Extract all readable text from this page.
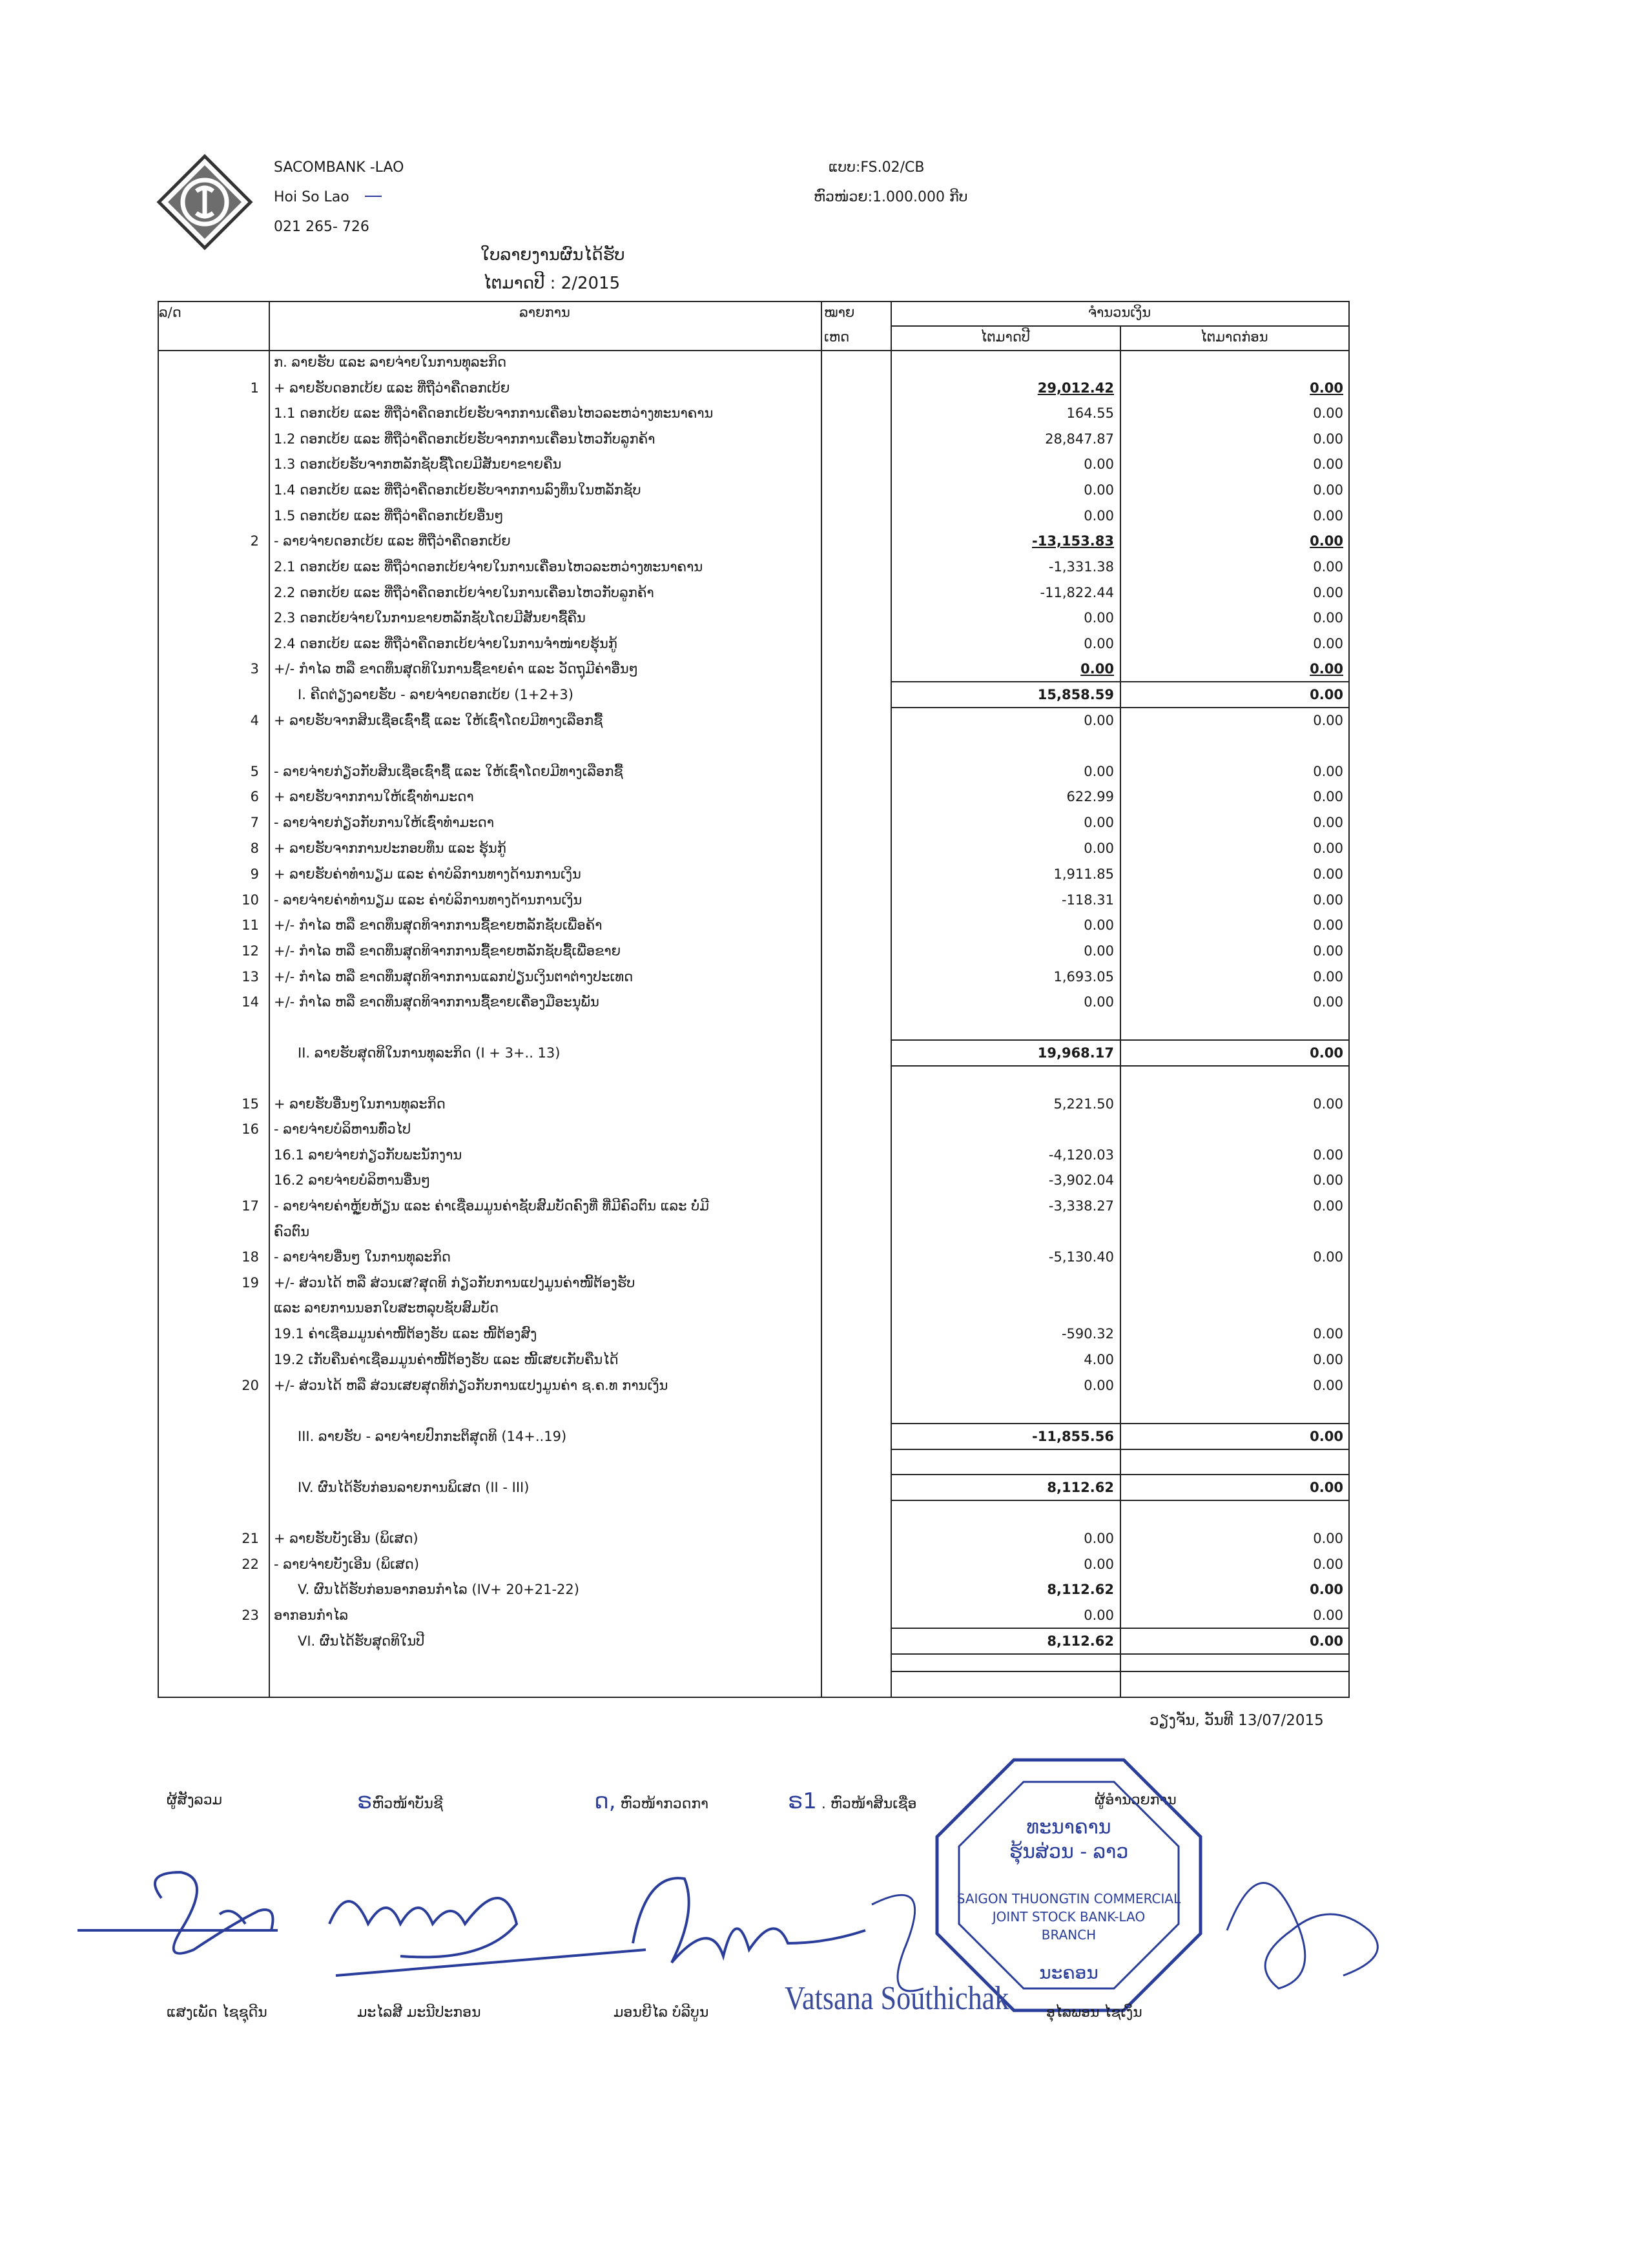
SACOMBANK -LAO
Hoi So Lao
021 265- 726
ແບບ:FS.02/CB
ຫົວໜ່ວຍ:1.000.000 ກີບ
ໃບລາຍງານຜົນໄດ້ຮັບ
ໄຕມາດປີ : 2/2015
ລ/ດ	ລາຍການ	ໝາຍ
ເຫດ
ຈຳນວນເງິນ
ໄຕມາດປີ	ໄຕມາດກ່ອນ
ກ. ລາຍຮັບ ແລະ ລາຍຈ່າຍໃນການທຸລະກິດ
1 + ລາຍຮັບດອກເບ້ຍ ແລະ ທີ່ຖືວ່າຄືດອກເບ້ຍ	29,012.42	0.00
1.1 ດອກເບ້ຍ ແລະ ທີ່ຖືວ່າຄືດອກເບ້ຍຮັບຈາກການເຄື່ອນໄຫວລະຫວ່າງທະນາຄານ	164.55	0.00
1.2 ດອກເບ້ຍ ແລະ ທີ່ຖືວ່າຄືດອກເບ້ຍຮັບຈາກການເຄື່ອນໄຫວກັບລູກຄ້າ	28,847.87	0.00
1.3 ດອກເບ້ຍຮັບຈາກຫລັກຊັບຊື້ໂດຍມີສັນຍາຂາຍຄືນ	0.00	0.00
1.4 ດອກເບ້ຍ ແລະ ທີ່ຖືວ່າຄືດອກເບ້ຍຮັບຈາກການລົງທຶນໃນຫລັກຊັບ	0.00	0.00
1.5 ດອກເບ້ຍ ແລະ ທີ່ຖືວ່າຄືດອກເບ້ຍອື່ນໆ	0.00	0.00
2 - ລາຍຈ່າຍດອກເບ້ຍ ແລະ ທີ່ຖືວ່າຄືດອກເບ້ຍ	-13,153.83	0.00
2.1 ດອກເບ້ຍ ແລະ ທີ່ຖືວ່າດອກເບ້ຍຈ່າຍໃນການເຄື່ອນໄຫວລະຫວ່າງທະນາຄານ	-1,331.38	0.00
2.2 ດອກເບ້ຍ ແລະ ທີ່ຖືວ່າຄືດອກເບ້ຍຈ່າຍໃນການເຄື່ອນໄຫວກັບລູກຄ້າ	-11,822.44	0.00
2.3 ດອກເບ້ຍຈ່າຍໃນການຂາຍຫລັກຊັບໂດຍມີສັນຍາຊື້ຄືນ	0.00	0.00
2.4 ດອກເບ້ຍ ແລະ ທີ່ຖືວ່າຄືດອກເບ້ຍຈ່າຍໃນການຈຳໜ່າຍຮຸ້ນກູ້	0.00	0.00
3 +/- ກຳໄລ ຫລື ຂາດທຶນສຸດທິໃນການຊື້ຂາຍຄຳ ແລະ ວັດຖຸມີຄ່າອື່ນໆ	0.00	0.00
I. ຄີດຕ່ຽງລາຍຮັບ - ລາຍຈ່າຍດອກເບ້ຍ (1+2+3)	15,858.59	0.00
4 + ລາຍຮັບຈາກສິນເຊື່ອເຊົ່າຊື້ ແລະ ໃຫ້ເຊົ່າໂດຍມີທາງເລືອກຊື້	0.00	0.00
5 - ລາຍຈ່າຍກ່ຽວກັບສິນເຊື່ອເຊົ່າຊື້ ແລະ ໃຫ້ເຊົ່າໂດຍມີທາງເລືອກຊື້	0.00	0.00
6 + ລາຍຮັບຈາກການໃຫ້ເຊົ່າທຳມະດາ	622.99	0.00
7 - ລາຍຈ່າຍກ່ຽວກັບການໃຫ້ເຊົ່າທຳມະດາ	0.00	0.00
8 + ລາຍຮັບຈາກການປະກອບທຶນ ແລະ ຮຸ້ນກູ້	0.00	0.00
9 + ລາຍຮັບຄ່າທຳນຽມ ແລະ ຄ່າບໍລິການທາງດ້ານການເງິນ	1,911.85	0.00
10 - ລາຍຈ່າຍຄ່າທຳນຽມ ແລະ ຄ່າບໍລິການທາງດ້ານການເງິນ	-118.31	0.00
11 +/- ກຳໄລ ຫລື ຂາດທຶນສຸດທິຈາກການຊື້ຂາຍຫລັກຊັບເພື່ອຄ້າ	0.00	0.00
12 +/- ກຳໄລ ຫລື ຂາດທຶນສຸດທິຈາກການຊື້ຂາຍຫລັກຊັບຊື້ເພື່ອຂາຍ	0.00	0.00
13 +/- ກຳໄລ ຫລື ຂາດທຶນສຸດທິຈາກການແລກປ່ຽນເງິນຕາຕ່າງປະເທດ	1,693.05	0.00
14 +/- ກຳໄລ ຫລື ຂາດທຶນສຸດທິຈາກການຊື້ຂາຍເຄື່ອງມືອະນຸພັນ	0.00	0.00
II. ລາຍຮັບສຸດທິໃນການທຸລະກິດ (I + 3+.. 13)	19,968.17	0.00
15 + ລາຍຮັບອື່ນໆໃນການທຸລະກິດ	5,221.50	0.00
16 - ລາຍຈ່າຍບໍລິຫານທົ່ວໄປ
16.1 ລາຍຈ່າຍກ່ຽວກັບພະນັກງານ	-4,120.03	0.00
16.2 ລາຍຈ່າຍບໍລິຫານອື່ນໆ	-3,902.04	0.00
17 - ລາຍຈ່າຍຄ່າຫຼູ້ຍຫ້ຽນ ແລະ ຄ່າເຊື່ອມມູນຄ່າຊັບສົມບັດຄົງທີ່ ທີ່ມີຄົວຕົນ ແລະ ບໍ່ມີ	-3,338.27	0.00
ຄົວຕົນ
18 - ລາຍຈ່າຍອື່ນໆ ໃນການທຸລະກິດ	-5,130.40	0.00
19 +/- ສ່ວນໄດ້ ຫລື ສ່ວນເສ?ສຸດທິ ກ່ຽວກັບການແປງມູນຄ່າໜີ້ຕ້ອງຮັບ
ແລະ ລາຍການນອກໃບສະຫລຸບຊັບສົມບັດ
19.1 ຄ່າເຊື່ອມມູນຄ່າໜີ້ຕ້ອງຮັບ ແລະ ໜີ້ຕ້ອງສົງ	-590.32	0.00
19.2 ເກັບຄືນຄ່າເຊື່ອມມູນຄ່າໜີ້ຕ້ອງຮັບ ແລະ ໜີ້ເສຍເກັບຄືນໄດ້	4.00	0.00
20 +/- ສ່ວນໄດ້ ຫລື ສ່ວນເສຍສຸດທິກ່ຽວກັບການແປງມູນຄ່າ ຊ.ຄ.ທ ການເງິນ	0.00	0.00
III. ລາຍຮັບ - ລາຍຈ່າຍປົກກະຕິສຸດທິ (14+..19)	-11,855.56	0.00
IV. ຜົນໄດ້ຮັບກ່ອນລາຍການພິເສດ (II - III)	8,112.62	0.00
21 + ລາຍຮັບບັງເອີນ (ພິເສດ)	0.00	0.00
22 - ລາຍຈ່າຍບັງເອີນ (ພິເສດ)	0.00	0.00
V. ຜົນໄດ້ຮັບກ່ອນອາກອນກຳໄລ (IV+ 20+21-22)	8,112.62	0.00
23 ອາກອນກຳໄລ	0.00	0.00
VI. ຜົນໄດ້ຮັບສຸດທິໃນປີ	8,112.62	0.00
ວຽງຈັນ, ວັນທີ 13/07/2015
ຜູ້ສັງລວມ	ຣຫົວໜ້າບັນຊີ	ດ, ຫົວໜ້າກວດກາ	ຣ1 . ຫົວໜ້າສິນເຊື່ອ	ຜູ້ອຳນວຍການ
SAIGON THUONGTIN COMMERCIAL
JOINT STOCK BANK-LAO
BRANCH
ທະນາຄານ
ຮຸ້ນສ່ວນ - ລາວ
ນະຄອນ
Vatsana Southichak
ແສງເພັດ ໄຊຊຸດີນ	ມະໄລສີ ມະນີປະກອນ	ມອນຍີໄລ ບໍລີບູນ	ອຸໄລພອນ ໄຊເງິນ
